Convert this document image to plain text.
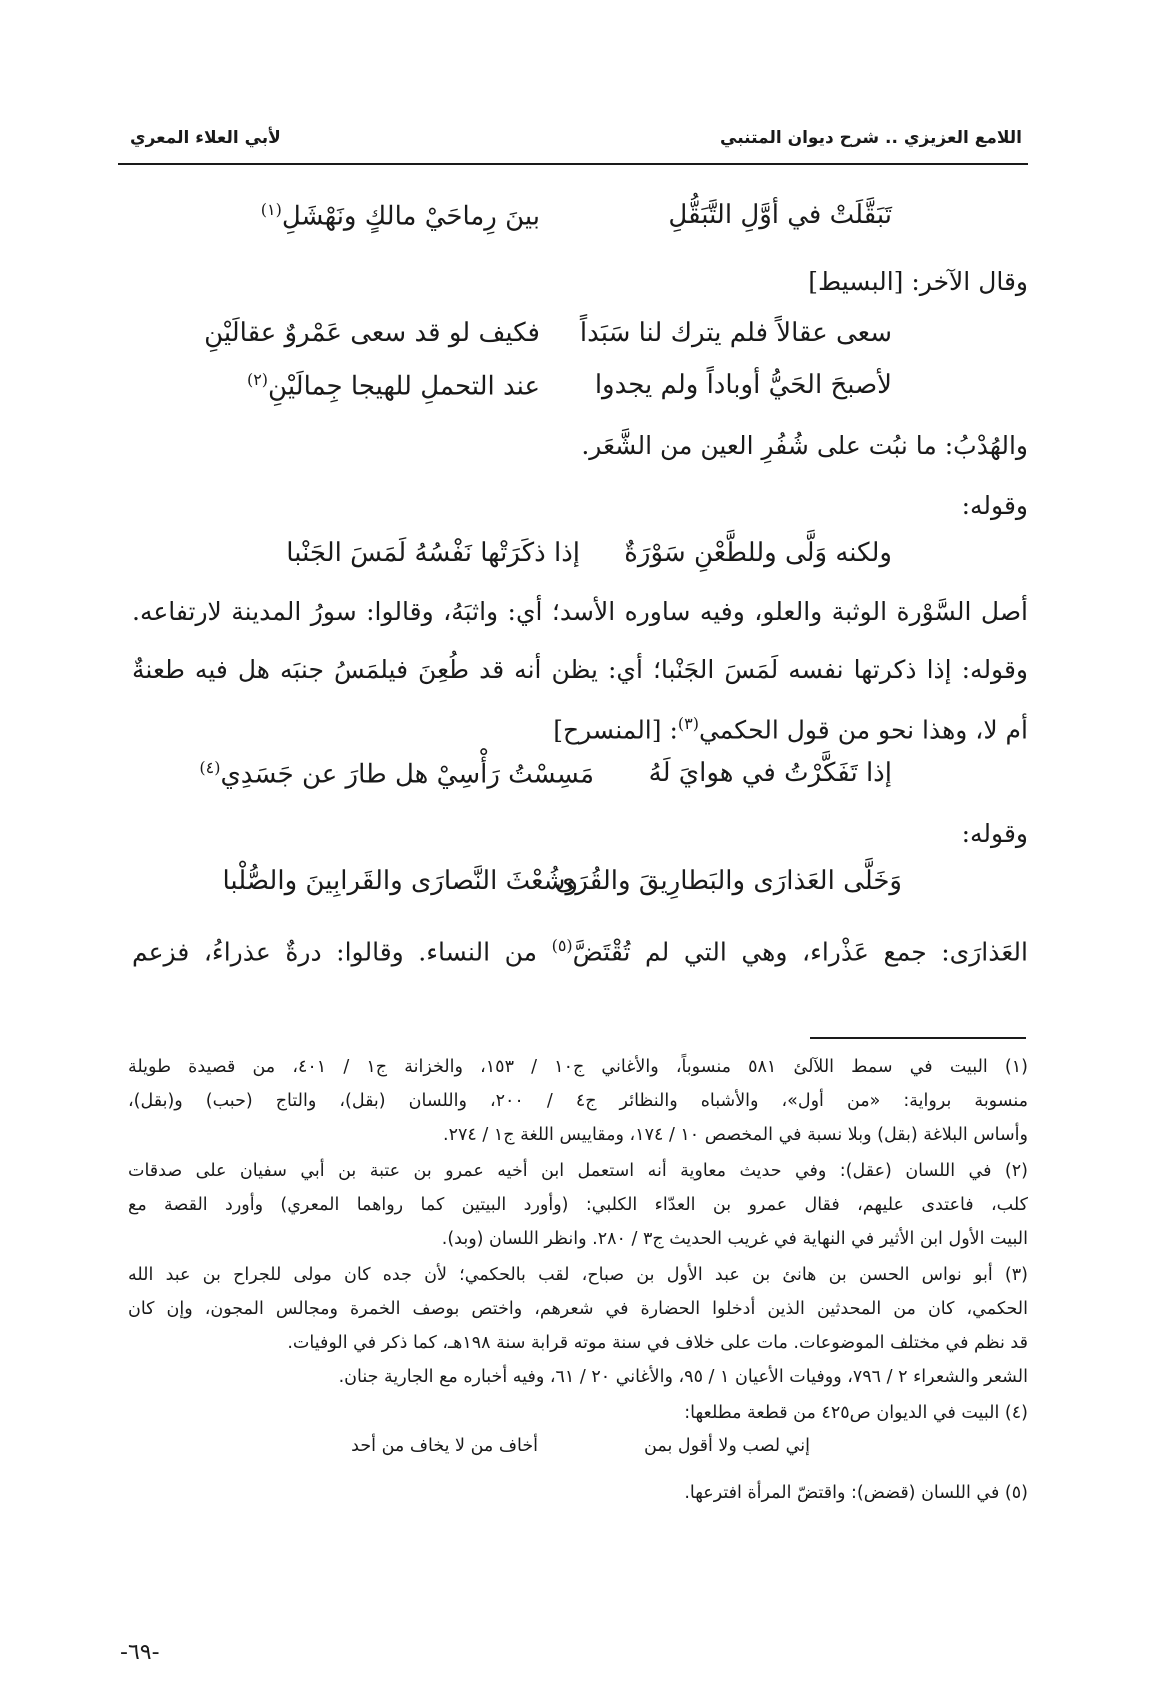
اللامع العزيزي .. شرح ديوان المتنبي
لأبي العلاء المعري
تَبَقَّلَتْ في أوَّلِ التَّبَقُّلِ
بينَ رِماحَيْ مالكٍ ونَهْشَلِ$^{(١)}$
وقال الآخر: [البسيط]
سعى عقالاً فلم يترك لنا سَبَداً
فكيف لو قد سعى عَمْروٌ عقالَيْنِ
لأصبحَ الحَيُّ أوباداً ولم يجدوا
عند التحملِ للهيجا جِمالَيْنِ$^{(٢)}$
والهُدْبُ: ما نبُت على شُفُرِ العين من الشَّعَر.
وقوله:
ولكنه وَلَّى وللطَّعْنِ سَوْرَةٌ
إذا ذكَرَتْها نَفْسُهُ لَمَسَ الجَنْبا
أصل السَّوْرة الوثبة والعلو، وفيه ساوره الأسد؛ أي: واثبَهُ، وقالوا: سورُ المدينة لارتفاعه.
وقوله: إذا ذكرتها نفسه لَمَسَ الجَنْبا؛ أي: يظن أنه قد طُعِنَ فيلمَسُ جنبَه هل فيه طعنةٌ
أم لا، وهذا نحو من قول الحكمي$^{(٣)}$: [المنسرح]
إذا تَفَكَّرْتُ في هوايَ لَهُ
مَسِسْتُ رَأْسِيْ هل طارَ عن جَسَدِي$^{(٤)}$
وقوله:
وَخَلَّى العَذارَى والبَطارِيقَ والقُرَى
وشُعْثَ النَّصارَى والقَرابِينَ والصُّلْبا
العَذارَى: جمع عَذْراء، وهي التي لم تُقْتَضَّ$^{(٥)}$ من النساء. وقالوا: درةٌ عذراءُ، فزعم
(١) البيت في سمط اللآلئ ٥٨١ منسوباً، والأغاني ج١٠ / ١٥٣، والخزانة ج١ / ٤٠١، من قصيدة طويلة
منسوبة برواية: «من أول»، والأشباه والنظائر ج٤ / ٢٠٠، واللسان (بقل)، والتاج (حبب) و(بقل)،
وأساس البلاغة (بقل) وبلا نسبة في المخصص ١٠ / ١٧٤، ومقاييس اللغة ج١ / ٢٧٤.
(٢) في اللسان (عقل): وفي حديث معاوية أنه استعمل ابن أخيه عمرو بن عتبة بن أبي سفيان على صدقات
كلب، فاعتدى عليهم، فقال عمرو بن العدّاء الكلبي: (وأورد البيتين كما رواهما المعري) وأورد القصة مع
البيت الأول ابن الأثير في النهاية في غريب الحديث ج٣ / ٢٨٠. وانظر اللسان (وبد).
(٣) أبو نواس الحسن بن هانئ بن عبد الأول بن صباح، لقب بالحكمي؛ لأن جده كان مولى للجراح بن عبد الله
الحكمي، كان من المحدثين الذين أدخلوا الحضارة في شعرهم، واختص بوصف الخمرة ومجالس المجون، وإن كان
قد نظم في مختلف الموضوعات. مات على خلاف في سنة موته قرابة سنة ١٩٨هـ، كما ذكر في الوفيات.
الشعر والشعراء ٢ / ٧٩٦، ووفيات الأعيان ١ / ٩٥، والأغاني ٢٠ / ٦١، وفيه أخباره مع الجارية جنان.
(٤) البيت في الديوان ص٤٢٥ من قطعة مطلعها:
إني لصب ولا أقول بمن
أخاف من لا يخاف من أحد
(٥) في اللسان (قضض): واقتضّ المرأة افترعها.
-٦٩-
